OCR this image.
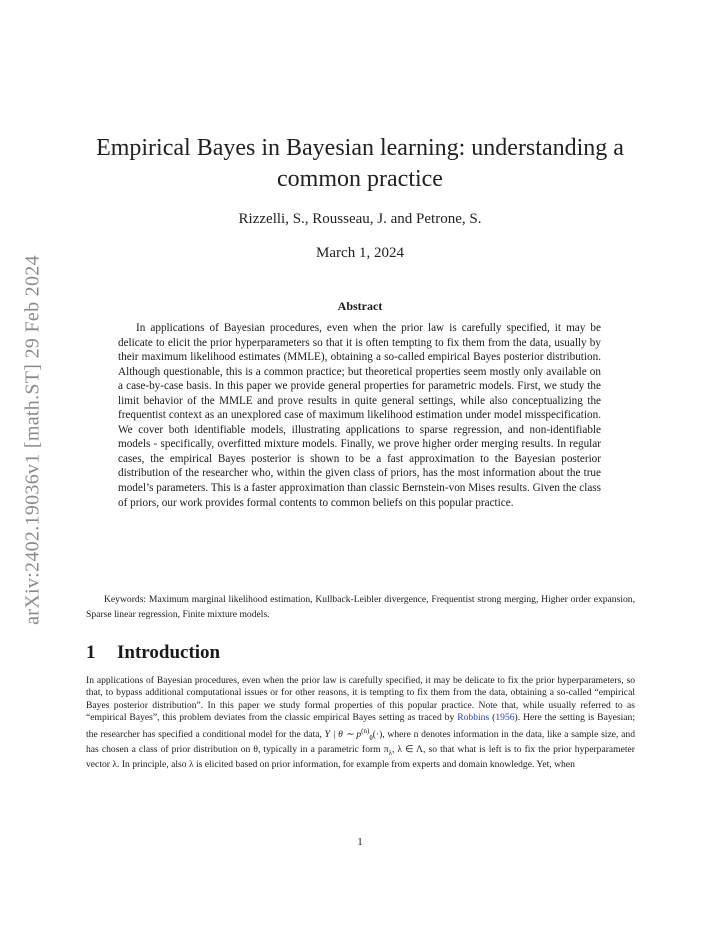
arXiv:2402.19036v1 [math.ST] 29 Feb 2024
Empirical Bayes in Bayesian learning: understanding a common practice
Rizzelli, S., Rousseau, J. and Petrone, S.
March 1, 2024
Abstract
In applications of Bayesian procedures, even when the prior law is carefully specified, it may be delicate to elicit the prior hyperparameters so that it is often tempting to fix them from the data, usually by their maximum likelihood estimates (MMLE), obtaining a so-called empirical Bayes posterior distribution. Although questionable, this is a common practice; but theoretical properties seem mostly only available on a case-by-case basis. In this paper we provide general properties for parametric models. First, we study the limit behavior of the MMLE and prove results in quite general settings, while also conceptualizing the frequentist context as an unexplored case of maximum likelihood estimation under model misspecification. We cover both identifiable models, illustrating applications to sparse regression, and non-identifiable models - specifically, overfitted mixture models. Finally, we prove higher order merging results. In regular cases, the empirical Bayes posterior is shown to be a fast approximation to the Bayesian posterior distribution of the researcher who, within the given class of priors, has the most information about the true model’s parameters. This is a faster approximation than classic Bernstein-von Mises results. Given the class of priors, our work provides formal contents to common beliefs on this popular practice.
Keywords: Maximum marginal likelihood estimation, Kullback-Leibler divergence, Frequentist strong merging, Higher order expansion, Sparse linear regression, Finite mixture models.
1 Introduction
In applications of Bayesian procedures, even when the prior law is carefully specified, it may be delicate to fix the prior hyperparameters, so that, to bypass additional computational issues or for other reasons, it is tempting to fix them from the data, obtaining a so-called “empirical Bayes posterior distribution”. In this paper we study formal properties of this popular practice. Note that, while usually referred to as “empirical Bayes”, this problem deviates from the classic empirical Bayes setting as traced by Robbins (1956). Here the setting is Bayesian; the researcher has specified a conditional model for the data, Y | θ ∼ $p^{(n)}_\theta(\cdot)$, where n denotes information in the data, like a sample size, and has chosen a class of prior distribution on θ, typically in a parametric form $\pi_\lambda$, λ ∈ Λ, so that what is left is to fix the prior hyperparameter vector λ. In principle, also λ is elicited based on prior information, for example from experts and domain knowledge. Yet, when
1
